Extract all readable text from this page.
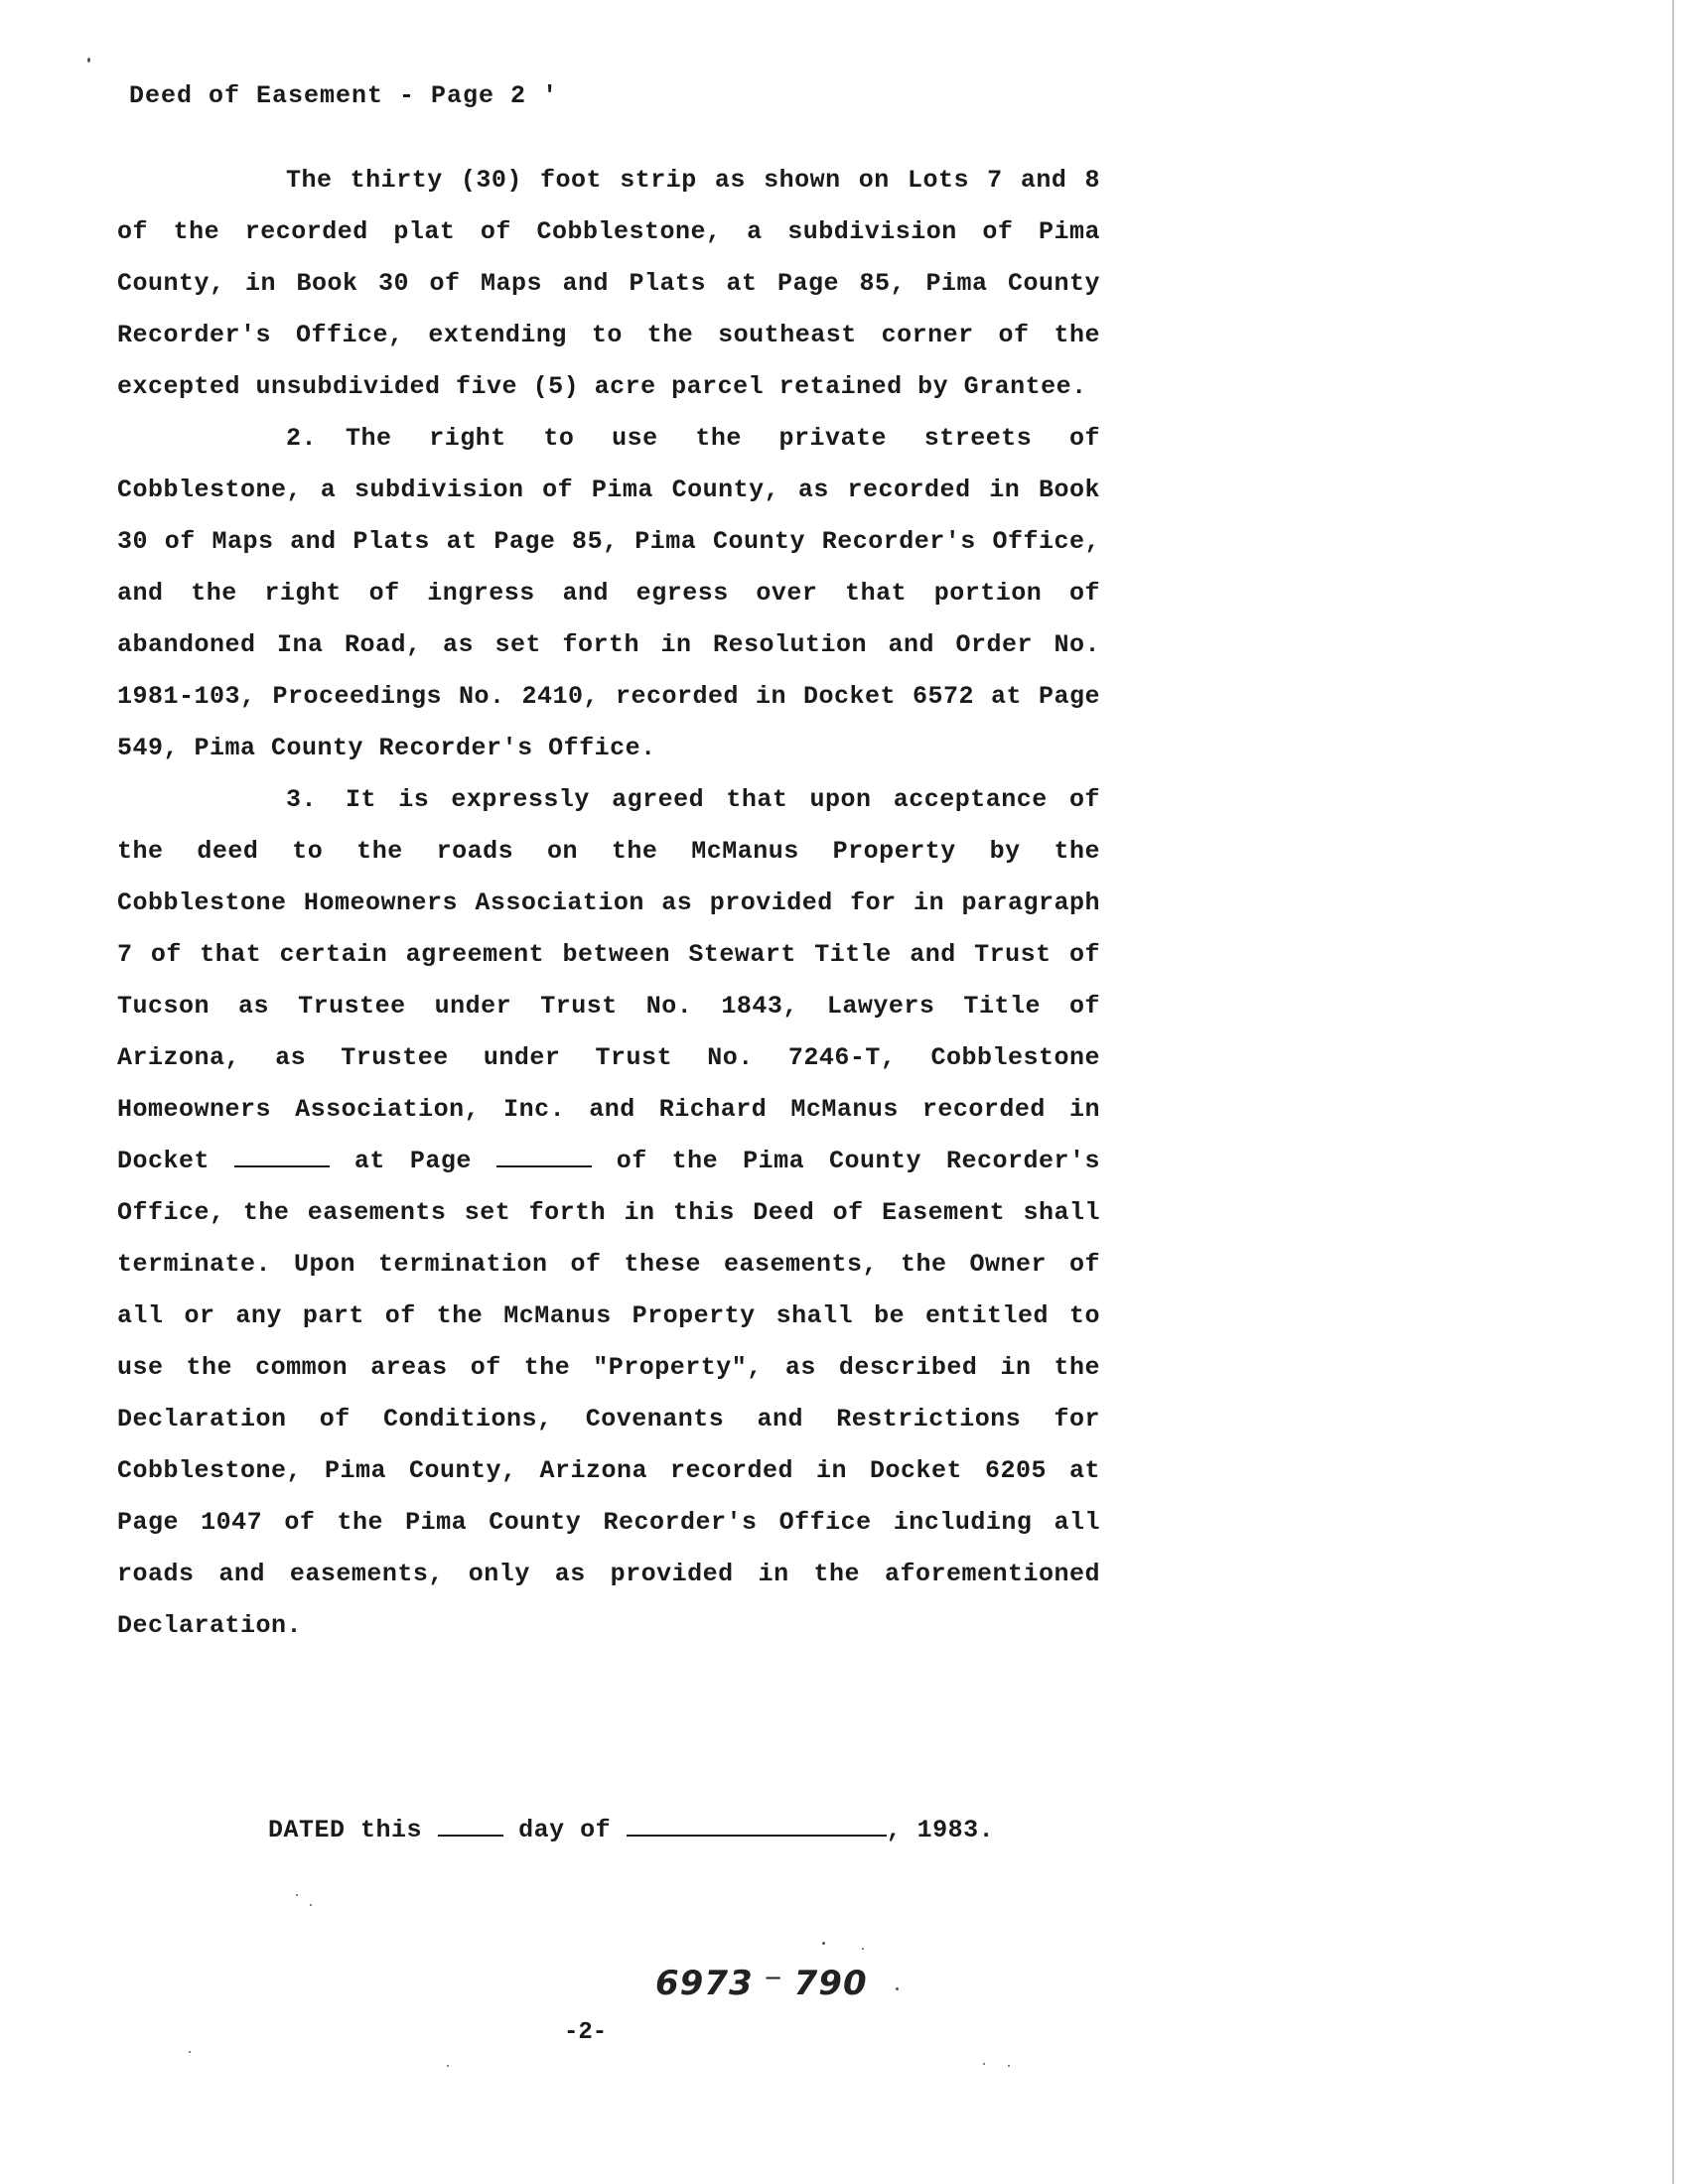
Deed of Easement - Page 2 '

The thirty (30) foot strip as shown on Lots 7 and 8 of the recorded plat of Cobblestone, a subdivision of Pima County, in Book 30 of Maps and Plats at Page 85, Pima County Recorder's Office, extending to the southeast corner of the excepted unsubdivided five (5) acre parcel retained by Grantee.

2. The right to use the private streets of Cobblestone, a subdivision of Pima County, as recorded in Book 30 of Maps and Plats at Page 85, Pima County Recorder's Office, and the right of ingress and egress over that portion of abandoned Ina Road, as set forth in Resolution and Order No. 1981-103, Proceedings No. 2410, recorded in Docket 6572 at Page 549, Pima County Recorder's Office.

3. It is expressly agreed that upon acceptance of the deed to the roads on the McManus Property by the Cobblestone Homeowners Association as provided for in paragraph 7 of that certain agreement between Stewart Title and Trust of Tucson as Trustee under Trust No. 1843, Lawyers Title of Arizona, as Trustee under Trust No. 7246-T, Cobblestone Homeowners Association, Inc. and Richard McManus recorded in Docket	at Page	of the Pima County Recorder's Office, the easements set forth in this Deed of Easement shall terminate. Upon termination of these easements, the Owner of all or any part of the McManus Property shall be entitled to use the common areas of the "Property", as described in the Declaration of Conditions, Covenants and Restrictions for Cobblestone, Pima County, Arizona recorded in Docket 6205 at Page 1047 of the Pima County Recorder's Office including all roads and easements, only as provided in the aforementioned Declaration.

DATED this	day of	, 1983.
6973 — 790
-2-
